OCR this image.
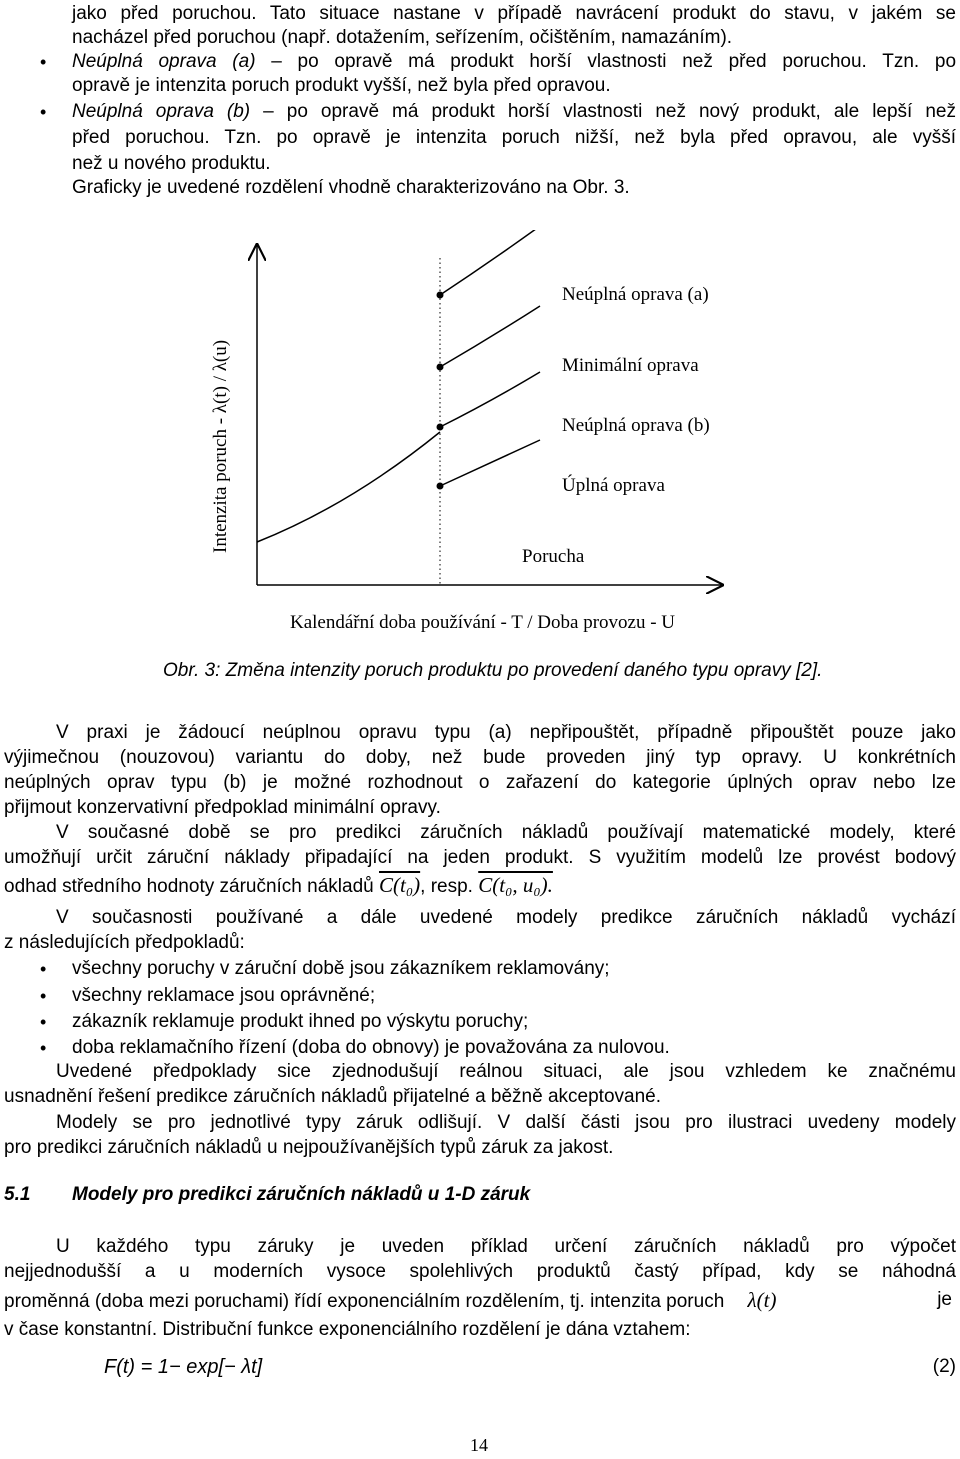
jako před poruchou. Tato situace nastane v případě navrácení produkt do stavu, v jakém se
nacházel před poruchou (např. dotažením, seřízením, očištěním, namazáním).
• Neúplná oprava (a) – po opravě má produkt horší vlastnosti než před poruchou. Tzn. po
opravě je intenzita poruch produkt vyšší, než byla před opravou.
• Neúplná oprava (b) – po opravě má produkt horší vlastnosti než nový produkt, ale lepší než
před poruchou. Tzn. po opravě je intenzita poruch nižší, než byla před opravou, ale vyšší
než u nového produktu.
Graficky je uvedené rozdělení vhodně charakterizováno na Obr. 3.
Intenzita poruch - λ(t) / λ(u)
Neúplná oprava (a)
Minimální oprava
Neúplná oprava (b)
Úplná oprava
Porucha
Kalendářní doba používání - T / Doba provozu - U
Obr. 3: Změna intenzity poruch produktu po provedení daného typu opravy [2].
V praxi je žádoucí neúplnou opravu typu (a) nepřipouštět, případně připouštět pouze jako
výjimečnou (nouzovou) variantu do doby, než bude proveden jiný typ opravy. U konkrétních
neúplných oprav typu (b) je možné rozhodnout o zařazení do kategorie úplných oprav nebo lze
přijmout konzervativní předpoklad minimální opravy.
V současné době se pro predikci záručních nákladů používají matematické modely, které
umožňují určit záruční náklady připadající na jeden produkt. S využitím modelů lze provést bodový
odhad středního hodnoty záručních nákladů C(t₀), resp. C(t₀, u₀).
V současnosti používané a dále uvedené modely predikce záručních nákladů vychází
z následujících předpokladů:
• všechny poruchy v záruční době jsou zákazníkem reklamovány;
• všechny reklamace jsou oprávněné;
• zákazník reklamuje produkt ihned po výskytu poruchy;
• doba reklamačního řízení (doba do obnovy) je považována za nulovou.
Uvedené předpoklady sice zjednodušují reálnou situaci, ale jsou vzhledem ke značnému
usnadnění řešení predikce záručních nákladů přijatelné a běžně akceptované.
Modely se pro jednotlivé typy záruk odlišují. V další části jsou pro ilustraci uvedeny modely
pro predikci záručních nákladů u nejpoužívanějších typů záruk za jakost.
5.1 Modely pro predikci záručních nákladů u 1-D záruk
U každého typu záruky je uveden příklad určení záručních nákladů pro výpočet
nejjednodušší a u moderních vysoce spolehlivých produktů častý případ, kdy se náhodná
proměnná (doba mezi poruchami) řídí exponenciálním rozdělením, tj. intenzita poruch λ(t)	je
v čase konstantní. Distribuční funkce exponenciálního rozdělení je dána vztahem:
F(t) = 1− exp[− λt]	(2)
14
